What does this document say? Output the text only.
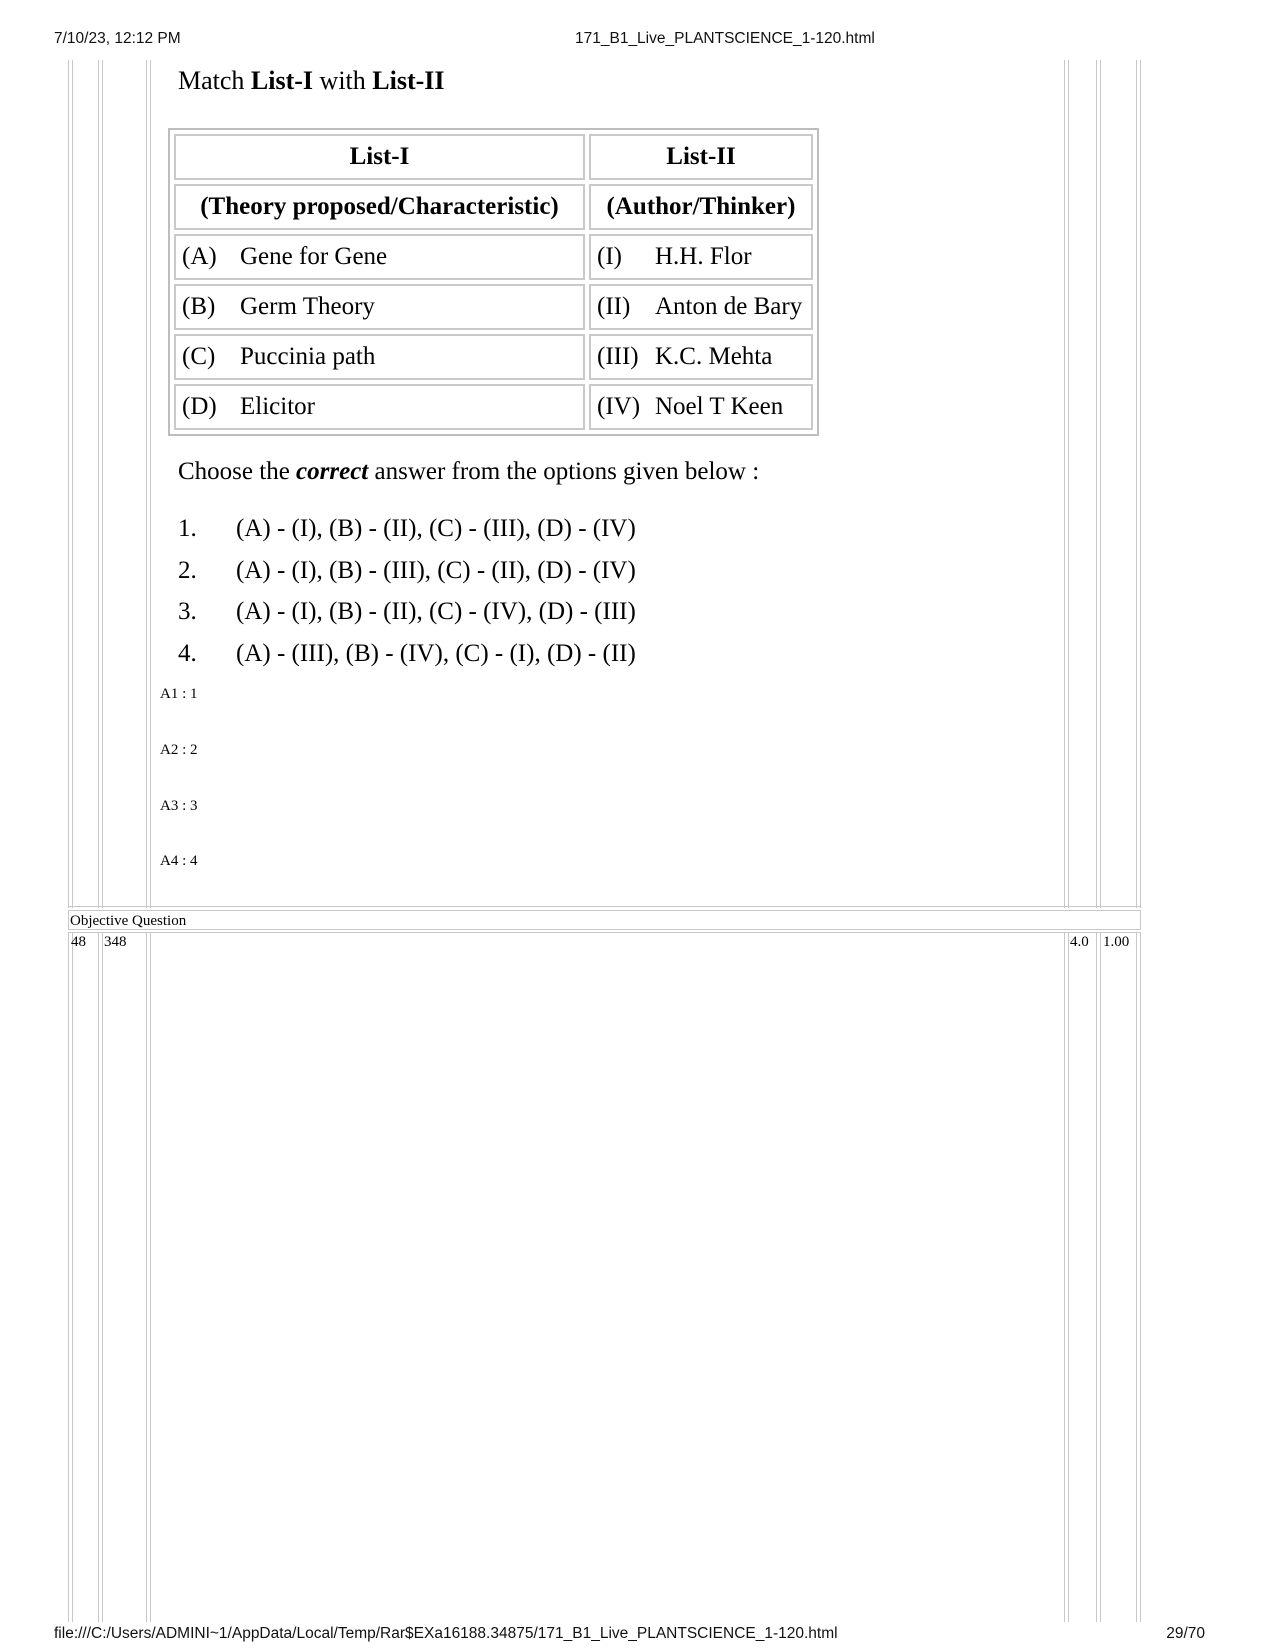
7/10/23, 12:12 PM	171_B1_Live_PLANTSCIENCE_1-120.html
file:///C:/Users/ADMINI~1/AppData/Local/Temp/Rar$EXa16188.34875/171_B1_Live_PLANTSCIENCE_1-120.html	29/70
Match List-I with List-II
List-I	List-II
(Theory proposed/Characteristic)	(Author/Thinker)
(A) Gene for Gene	(I) H.H. Flor
(B) Germ Theory	(II) Anton de Bary
(C) Puccinia path	(III) K.C. Mehta
(D) Elicitor	(IV) Noel T Keen
Choose the correct answer from the options given below :
1. (A) - (I), (B) - (II), (C) - (III), (D) - (IV)
2. (A) - (I), (B) - (III), (C) - (II), (D) - (IV)
3. (A) - (I), (B) - (II), (C) - (IV), (D) - (III)
4. (A) - (III), (B) - (IV), (C) - (I), (D) - (II)
A1 : 1
A2 : 2
A3 : 3
A4 : 4
Objective Question
48 348	4.0 1.00
